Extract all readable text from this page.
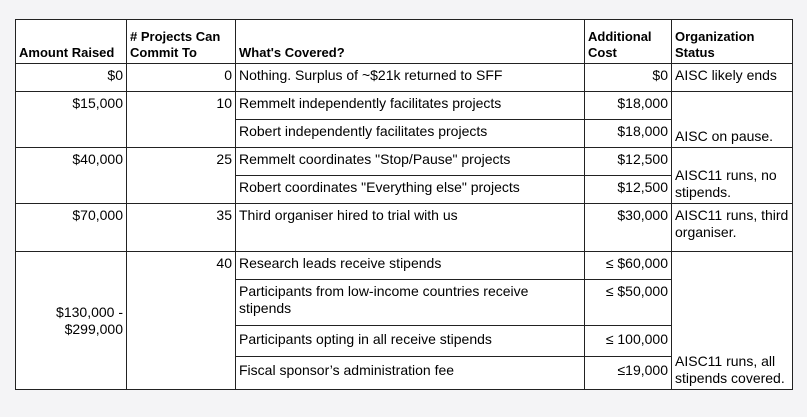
Amount Raised	# Projects Can Commit To	What's Covered?	Additional Cost	Organization Status
$0	0	Nothing. Surplus of ~$21k returned to SFF	$0	AISC likely ends
$15,000	10	Remmelt independently facilitates projects	$18,000	AISC on pause.
		Robert independently facilitates projects	$18,000	
$40,000	25	Remmelt coordinates "Stop/Pause" projects	$12,500	AISC11 runs, no stipends.
		Robert coordinates "Everything else" projects	$12,500	
$70,000	35	Third organiser hired to trial with us	$30,000	AISC11 runs, third organiser.
$130,000 - $299,000	40	Research leads receive stipends	≤ $60,000	AISC11 runs, all stipends covered.
		Participants from low-income countries receive stipends	≤ $50,000	
		Participants opting in all receive stipends	≤ 100,000	
		Fiscal sponsor’s administration fee	≤19,000	
